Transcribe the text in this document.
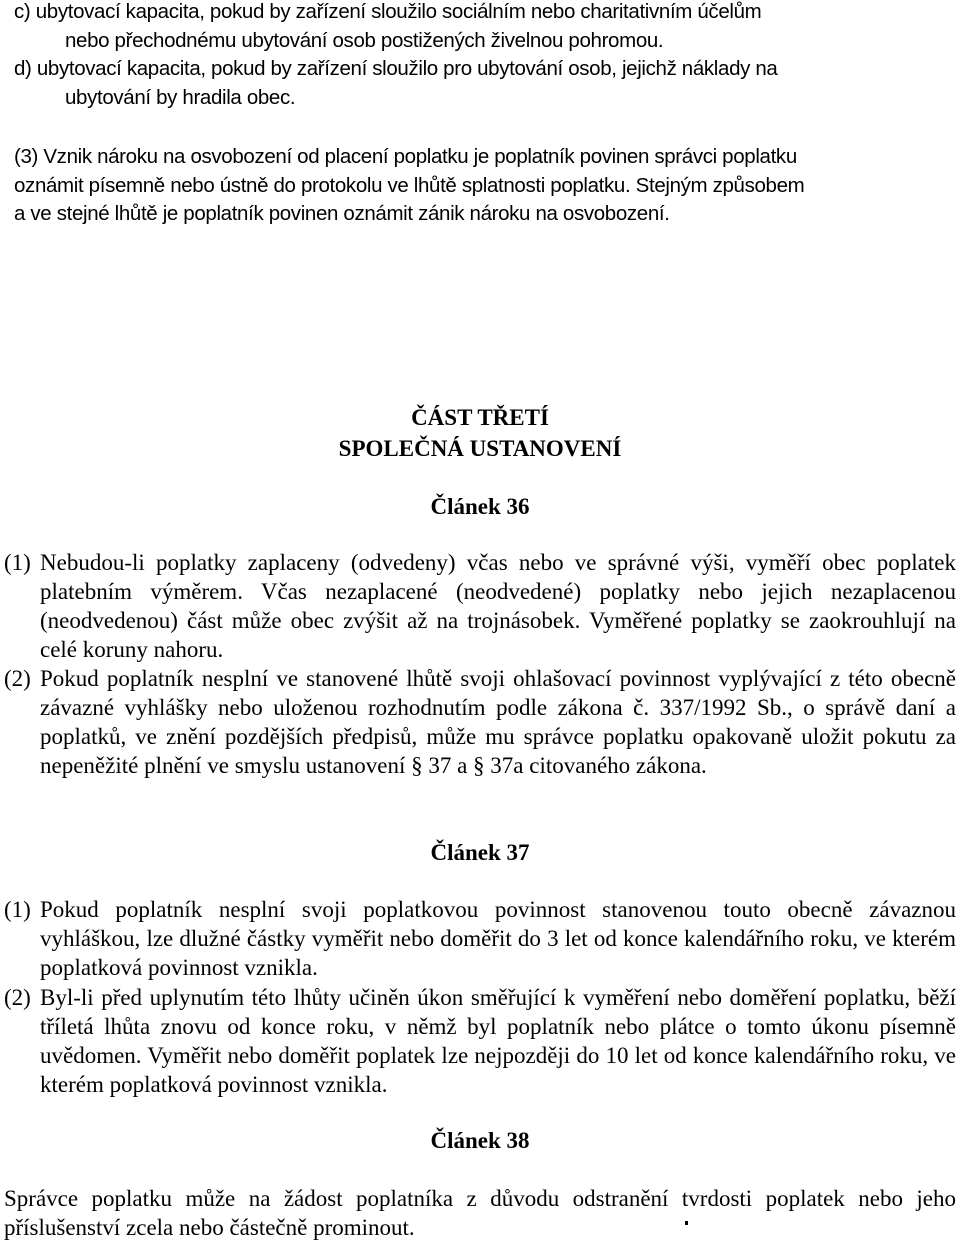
c) ubytovací kapacita, pokud by zařízení sloužilo sociálním nebo charitativním účelům
nebo přechodnému ubytování osob postižených živelnou pohromou.
d) ubytovací kapacita, pokud by zařízení sloužilo pro ubytování osob, jejichž náklady na
ubytování by hradila obec.
(3) Vznik nároku na osvobození od placení poplatku je poplatník povinen správci poplatku
oznámit písemně nebo ústně do protokolu ve lhůtě splatnosti poplatku. Stejným způsobem
a ve stejné lhůtě je poplatník povinen oznámit zánik nároku na osvobození.
ČÁST TŘETÍ
SPOLEČNÁ USTANOVENÍ
Článek 36
(1) Nebudou-li poplatky zaplaceny (odvedeny) včas nebo ve správné výši, vyměří obec poplatek platebním výměrem. Včas nezaplacené (neodvedené) poplatky nebo jejich nezaplacenou (neodvedenou) část může obec zvýšit až na trojnásobek. Vyměřené poplatky se zaokrouhlují na celé koruny nahoru.
(2) Pokud poplatník nesplní ve stanovené lhůtě svoji ohlašovací povinnost vyplývající z této obecně závazné vyhlášky nebo uloženou rozhodnutím podle zákona č. 337/1992 Sb., o správě daní a poplatků, ve znění pozdějších předpisů, může mu správce poplatku opakovaně uložit pokutu za nepeněžité plnění ve smyslu ustanovení § 37 a § 37a citovaného zákona.
Článek 37
(1) Pokud poplatník nesplní svoji poplatkovou povinnost stanovenou touto obecně závaznou vyhláškou, lze dlužné částky vyměřit nebo doměřit do 3 let od konce kalendářního roku, ve kterém poplatková povinnost vznikla.
(2) Byl-li před uplynutím této lhůty učiněn úkon směřující k vyměření nebo doměření poplatku, běží tříletá lhůta znovu od konce roku, v němž byl poplatník nebo plátce o tomto úkonu písemně uvědomen. Vyměřit nebo doměřit poplatek lze nejpozději do 10 let od konce kalendářního roku, ve kterém poplatková povinnost vznikla.
Článek 38
Správce poplatku může na žádost poplatníka z důvodu odstranění tvrdosti poplatek nebo jeho příslušenství zcela nebo částečně prominout.
